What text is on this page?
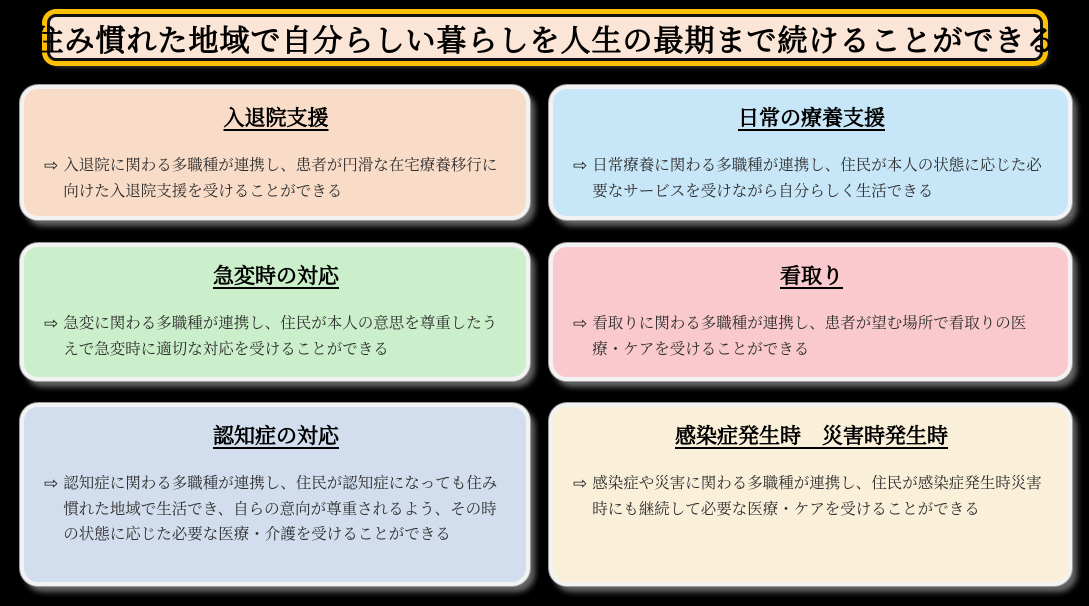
住み慣れた地域で自分らしい暮らしを人生の最期まで続けることができる
入退院支援

⇨ 入退院に関わる多職種が連携し、患者が円滑な在宅療養移行に向けた入退院支援を受けることができる

日常の療養支援

⇨ 日常療養に関わる多職種が連携し、住民が本人の状態に応じた必要なサービスを受けながら自分らしく生活できる

急変時の対応

⇨ 急変に関わる多職種が連携し、住民が本人の意思を尊重したうえで急変時に適切な対応を受けることができる

看取り

⇨ 看取りに関わる多職種が連携し、患者が望む場所で看取りの医療・ケアを受けることができる

認知症の対応

⇨ 認知症に関わる多職種が連携し、住民が認知症になっても住み慣れた地域で生活でき、自らの意向が尊重されるよう、その時の状態に応じた必要な医療・介護を受けることができる

感染症発生時　災害時発生時

⇨ 感染症や災害に関わる多職種が連携し、住民が感染症発生時災害時にも継続して必要な医療・ケアを受けることができる
